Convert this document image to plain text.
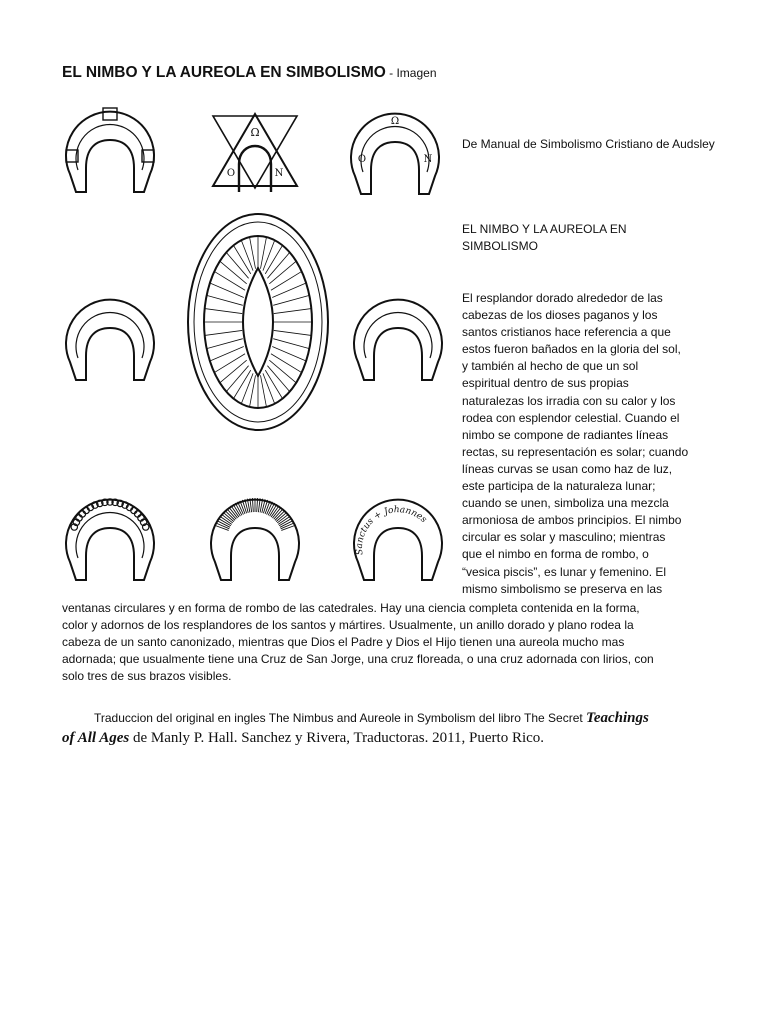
EL NIMBO Y LA AUREOLA EN SIMBOLISMO - Imagen
Ω
O	N
Ω
O	N
Sanctus + Johannes
De Manual de Simbolismo Cristiano de Audsley
EL NIMBO Y LA AUREOLA EN SIMBOLISMO
El resplandor dorado alrededor de las
cabezas de los dioses paganos y los
santos cristianos hace referencia a que
estos fueron bañados en la gloria del sol,
y también al hecho de que un sol
espiritual dentro de sus propias
naturalezas los irradia con su calor y los
rodea con esplendor celestial. Cuando el
nimbo se compone de radiantes líneas
rectas, su representación es solar; cuando
líneas curvas se usan como haz de luz,
este participa de la naturaleza lunar;
cuando se unen, simboliza una mezcla
armoniosa de ambos principios. El nimbo
circular es solar y masculino; mientras
que el nimbo en forma de rombo, o
“vesica piscis”, es lunar y femenino. El
mismo simbolismo se preserva en las
ventanas circulares y en forma de rombo de las catedrales. Hay una ciencia completa contenida en la forma,
color y adornos de los resplandores de los santos y mártires. Usualmente, un anillo dorado y plano rodea la
cabeza de un santo canonizado, mientras que Dios el Padre y Dios el Hijo tienen una aureola mucho mas
adornada; que usualmente tiene una Cruz de San Jorge, una cruz floreada, o una cruz adornada con lirios, con
solo tres de sus brazos visibles.
Traduccion del original en ingles The Nimbus and Aureole in Symbolism del libro The Secret Teachings
of All Ages de Manly P. Hall. Sanchez y Rivera, Traductoras. 2011, Puerto Rico.
